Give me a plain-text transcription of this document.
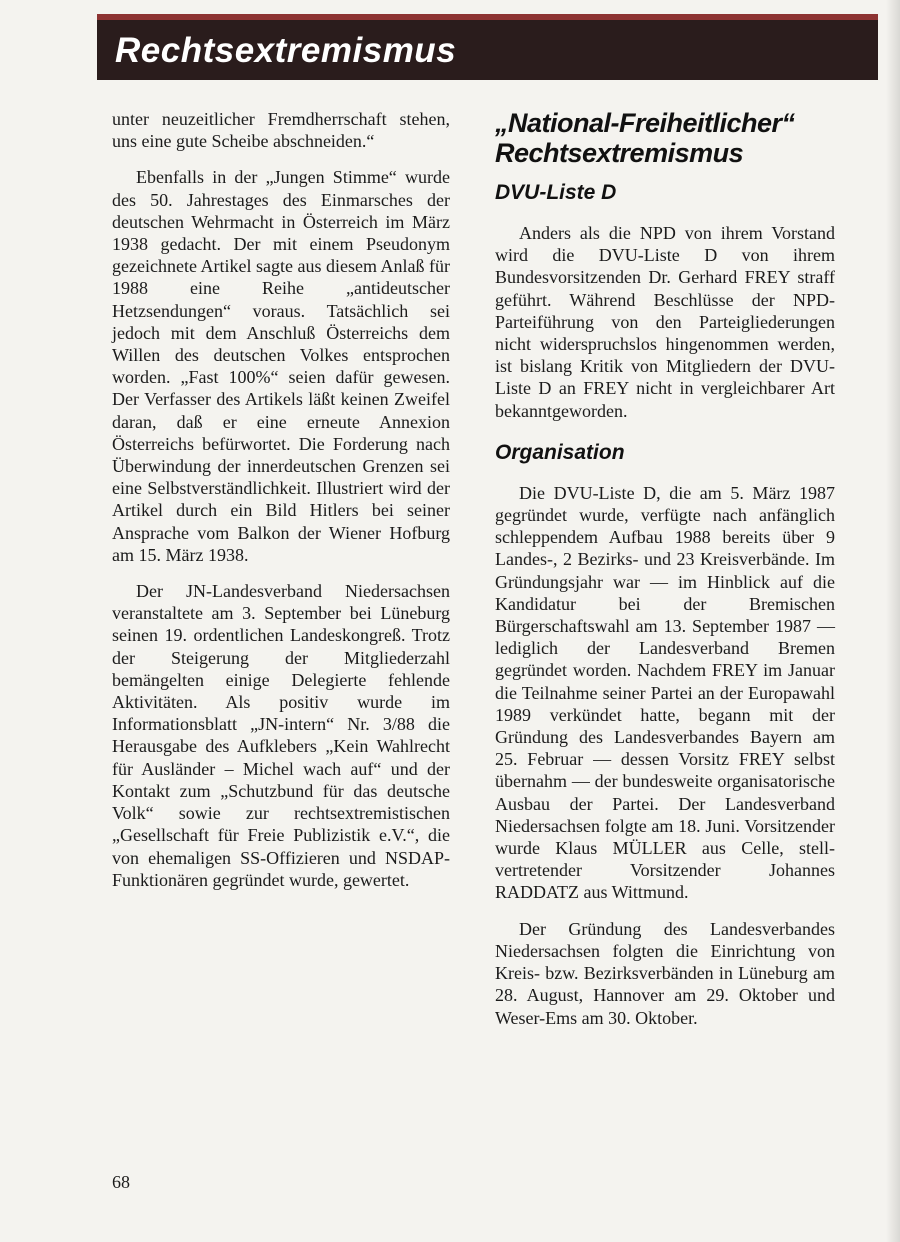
Rechtsextremismus

unter neuzeitlicher Fremdherrschaft stehen, uns eine gute Scheibe abschneiden.“

Ebenfalls in der „Jungen Stimme“ wurde des 50. Jahrestages des Einmarsches der deutschen Wehrmacht in Österreich im März 1938 gedacht. Der mit einem Pseudonym gezeichnete Artikel sagte aus diesem Anlaß für 1988 eine Reihe „antideutscher Hetzsendungen“ voraus. Tatsächlich sei jedoch mit dem Anschluß Österreichs dem Willen des deutschen Volkes entsprochen worden. „Fast 100%“ seien dafür gewesen. Der Verfasser des Artikels läßt keinen Zweifel daran, daß er eine erneute Annexion Österreichs befürwortet. Die Forderung nach Überwindung der innerdeutschen Grenzen sei eine Selbstverständlichkeit. Illustriert wird der Artikel durch ein Bild Hitlers bei seiner Ansprache vom Balkon der Wiener Hofburg am 15. März 1938.

Der JN-Landesverband Niedersachsen veranstaltete am 3. September bei Lüneburg seinen 19. ordentlichen Landeskongreß. Trotz der Steigerung der Mitgliederzahl bemängelten einige Delegierte fehlende Aktivitäten. Als positiv wurde im Informationsblatt „JN-intern“ Nr. 3/88 die Herausgabe des Aufklebers „Kein Wahlrecht für Ausländer – Michel wach auf“ und der Kontakt zum „Schutzbund für das deutsche Volk“ sowie zur rechtsextremistischen „Gesellschaft für Freie Publizistik e.V.“, die von ehemaligen SS-Offizieren und NSDAP-Funktionären gegründet wurde, gewertet.

„National-Freiheitlicher“ Rechtsextremismus
DVU-Liste D

Anders als die NPD von ihrem Vorstand wird die DVU-Liste D von ihrem Bundesvorsitzenden Dr. Gerhard FREY straff geführt. Während Beschlüsse der NPD-Parteiführung von den Parteigliederungen nicht widerspruchslos hingenommen werden, ist bislang Kritik von Mitgliedern der DVU-Liste D an FREY nicht in vergleichbarer Art bekanntgeworden.

Organisation

Die DVU-Liste D, die am 5. März 1987 gegründet wurde, verfügte nach anfänglich schleppendem Aufbau 1988 bereits über 9 Landes-, 2 Bezirks- und 23 Kreisverbände. Im Gründungsjahr war — im Hinblick auf die Kandidatur bei der Bremischen Bürgerschaftswahl am 13. September 1987 — lediglich der Landesverband Bremen gegründet worden. Nachdem FREY im Januar die Teilnahme seiner Partei an der Europawahl 1989 verkündet hatte, begann mit der Gründung des Landesverbandes Bayern am 25. Februar — dessen Vorsitz FREY selbst übernahm — der bundesweite organisatorische Ausbau der Partei. Der Landesverband Niedersachsen folgte am 18. Juni. Vorsitzender wurde Klaus MÜLLER aus Celle, stellvertretender Vorsitzender Johannes RADDATZ aus Wittmund.

Der Gründung des Landesverbandes Niedersachsen folgten die Einrichtung von Kreis- bzw. Bezirksverbänden in Lüneburg am 28. August, Hannover am 29. Oktober und Weser-Ems am 30. Oktober.

68
